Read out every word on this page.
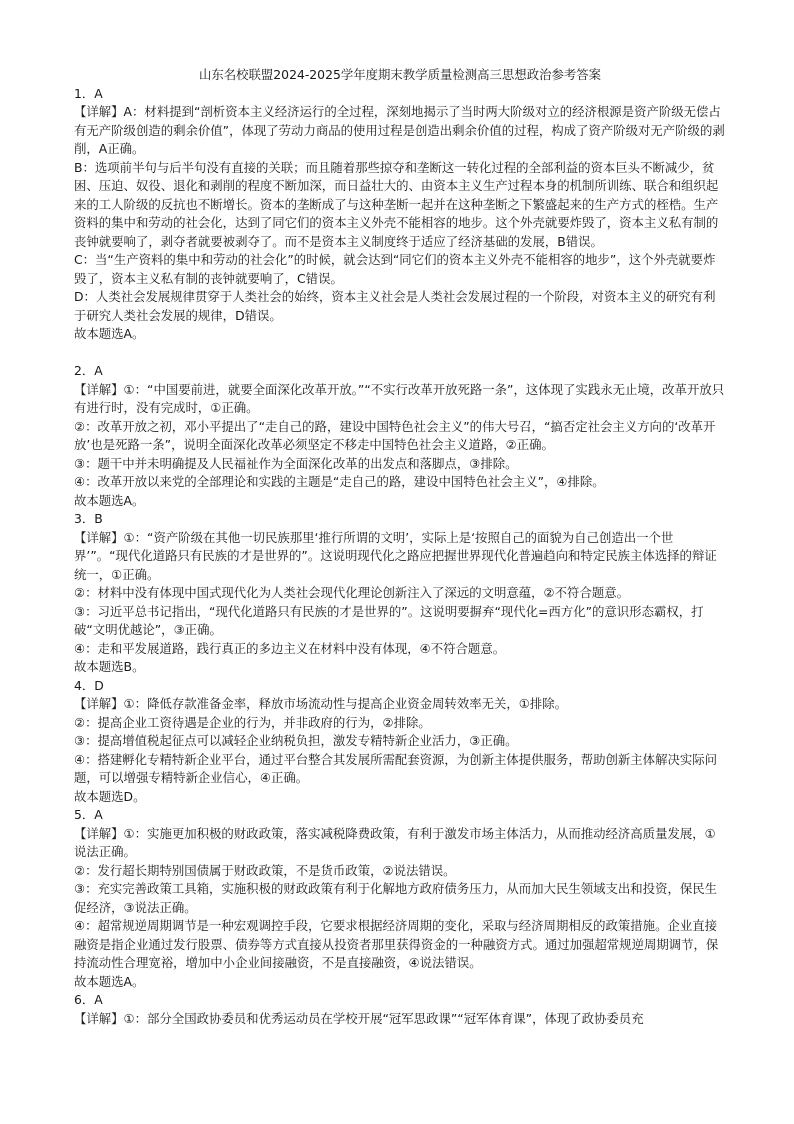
山东名校联盟2024-2025学年度期末教学质量检测高三思想政治参考答案
1．A
【详解】A：材料提到“剖析资本主义经济运行的全过程，深刻地揭示了当时两大阶级对立的经济根源是资产阶级无偿占有无产阶级创造的剩余价值”，体现了劳动力商品的使用过程是创造出剩余价值的过程，构成了资产阶级对无产阶级的剥削，A正确。
B：选项前半句与后半句没有直接的关联；而且随着那些掠夺和垄断这一转化过程的全部利益的资本巨头不断减少，贫困、压迫、奴役、退化和剥削的程度不断加深，而日益壮大的、由资本主义生产过程本身的机制所训练、联合和组织起来的工人阶级的反抗也不断增长。资本的垄断成了与这种垄断一起并在这种垄断之下繁盛起来的生产方式的桎梏。生产资料的集中和劳动的社会化，达到了同它们的资本主义外壳不能相容的地步。这个外壳就要炸毁了，资本主义私有制的丧钟就要响了，剥夺者就要被剥夺了。而不是资本主义制度终于适应了经济基础的发展，B错误。
C：当“生产资料的集中和劳动的社会化”的时候，就会达到“同它们的资本主义外壳不能相容的地步”，这个外壳就要炸毁了，资本主义私有制的丧钟就要响了，C错误。
D：人类社会发展规律贯穿于人类社会的始终，资本主义社会是人类社会发展过程的一个阶段，对资本主义的研究有利于研究人类社会发展的规律，D错误。
故本题选A。
2．A
【详解】①：“中国要前进，就要全面深化改革开放。”“不实行改革开放死路一条”，这体现了实践永无止境，改革开放只有进行时，没有完成时，①正确。
②：改革开放之初，邓小平提出了“走自己的路，建设中国特色社会主义”的伟大号召，“搞否定社会主义方向的‘改革开放’也是死路一条”，说明全面深化改革必须坚定不移走中国特色社会主义道路，②正确。
③：题干中并未明确提及人民福祉作为全面深化改革的出发点和落脚点，③排除。
④：改革开放以来党的全部理论和实践的主题是“走自己的路，建设中国特色社会主义”，④排除。
故本题选A。
3．B
【详解】①：“资产阶级在其他一切民族那里‘推行所谓的文明’，实际上是‘按照自己的面貌为自己创造出一个世界’”。“现代化道路只有民族的才是世界的”。这说明现代化之路应把握世界现代化普遍趋向和特定民族主体选择的辩证统一，①正确。
②：材料中没有体现中国式现代化为人类社会现代化理论创新注入了深远的文明意蕴，②不符合题意。
③：习近平总书记指出，“现代化道路只有民族的才是世界的”。这说明要摒弃“现代化=西方化”的意识形态霸权，打破“文明优越论”，③正确。
④：走和平发展道路，践行真正的多边主义在材料中没有体现，④不符合题意。
故本题选B。
4．D
【详解】①：降低存款准备金率，释放市场流动性与提高企业资金周转效率无关，①排除。
②：提高企业工资待遇是企业的行为，并非政府的行为，②排除。
③：提高增值税起征点可以减轻企业纳税负担，激发专精特新企业活力，③正确。
④：搭建孵化专精特新企业平台，通过平台整合其发展所需配套资源，为创新主体提供服务，帮助创新主体解决实际问题，可以增强专精特新企业信心，④正确。
故本题选D。
5．A
【详解】①：实施更加积极的财政政策，落实减税降费政策，有利于激发市场主体活力，从而推动经济高质量发展，①说法正确。
②：发行超长期特别国债属于财政政策，不是货币政策，②说法错误。
③：充实完善政策工具箱，实施积极的财政政策有利于化解地方政府债务压力，从而加大民生领域支出和投资，保民生促经济，③说法正确。
④：超常规逆周期调节是一种宏观调控手段，它要求根据经济周期的变化，采取与经济周期相反的政策措施。企业直接融资是指企业通过发行股票、债券等方式直接从投资者那里获得资金的一种融资方式。通过加强超常规逆周期调节，保持流动性合理宽裕，增加中小企业间接融资，不是直接融资，④说法错误。
故本题选A。
6．A
【详解】①：部分全国政协委员和优秀运动员在学校开展“冠军思政课”“冠军体育课”，体现了政协委员充
